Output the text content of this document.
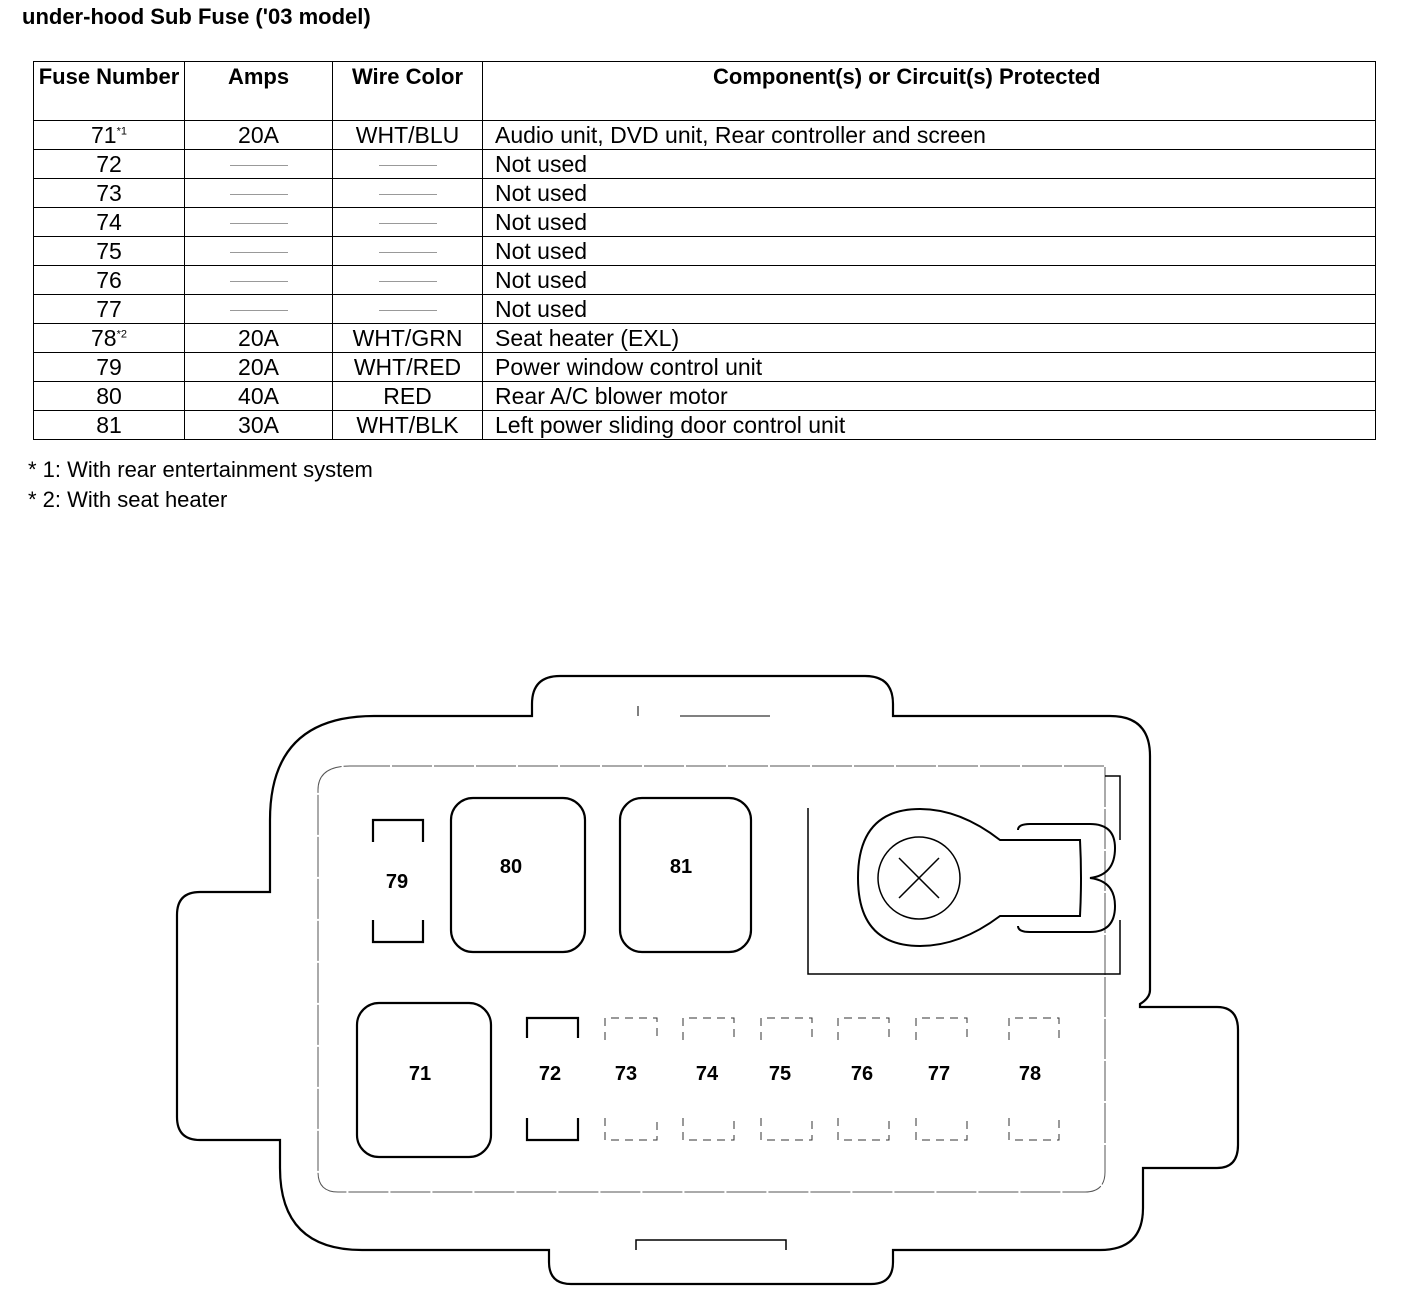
under-hood Sub Fuse ('03 model)
Fuse Number	Amps	Wire Color	Component(s) or Circuit(s) Protected
71$^{*1}$	20A	WHT/BLU	Audio unit, DVD unit, Rear controller and screen
72			Not used
73			Not used
74			Not used
75			Not used
76			Not used
77			Not used
78$^{*2}$	20A	WHT/GRN	Seat heater (EXL)
79	20A	WHT/RED	Power window control unit
80	40A	RED	Rear A/C blower motor
81	30A	WHT/BLK	Left power sliding door control unit
* 1: With rear entertainment system
* 2: With seat heater
79
80	81
71	72	73	74	75	76	77	78
